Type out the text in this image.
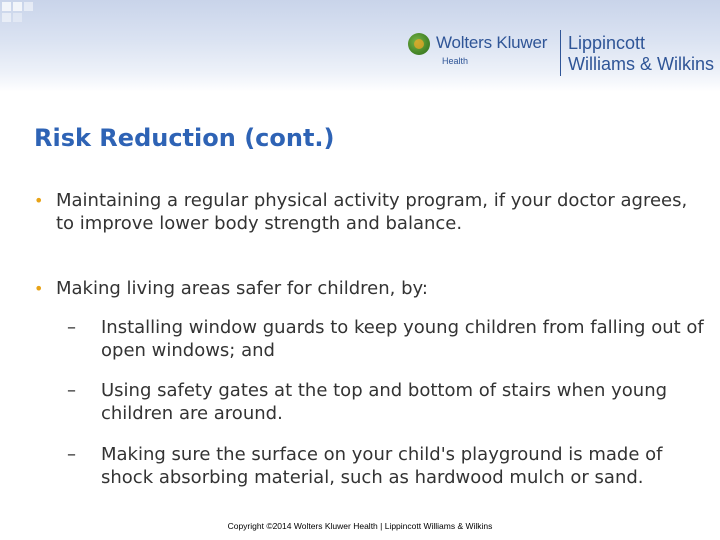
Wolters Kluwer
Health
Lippincott
Williams & Wilkins
Risk Reduction (cont.)

• Maintaining a regular physical activity program, if your doctor agrees, to improve lower body strength and balance.

• Making living areas safer for children, by:

– Installing window guards to keep young children from falling out of open windows; and

– Using safety gates at the top and bottom of stairs when young children are around.

– Making sure the surface on your child's playground is made of shock absorbing material, such as hardwood mulch or sand.

Copyright ©2014 Wolters Kluwer Health | Lippincott Williams & Wilkins
